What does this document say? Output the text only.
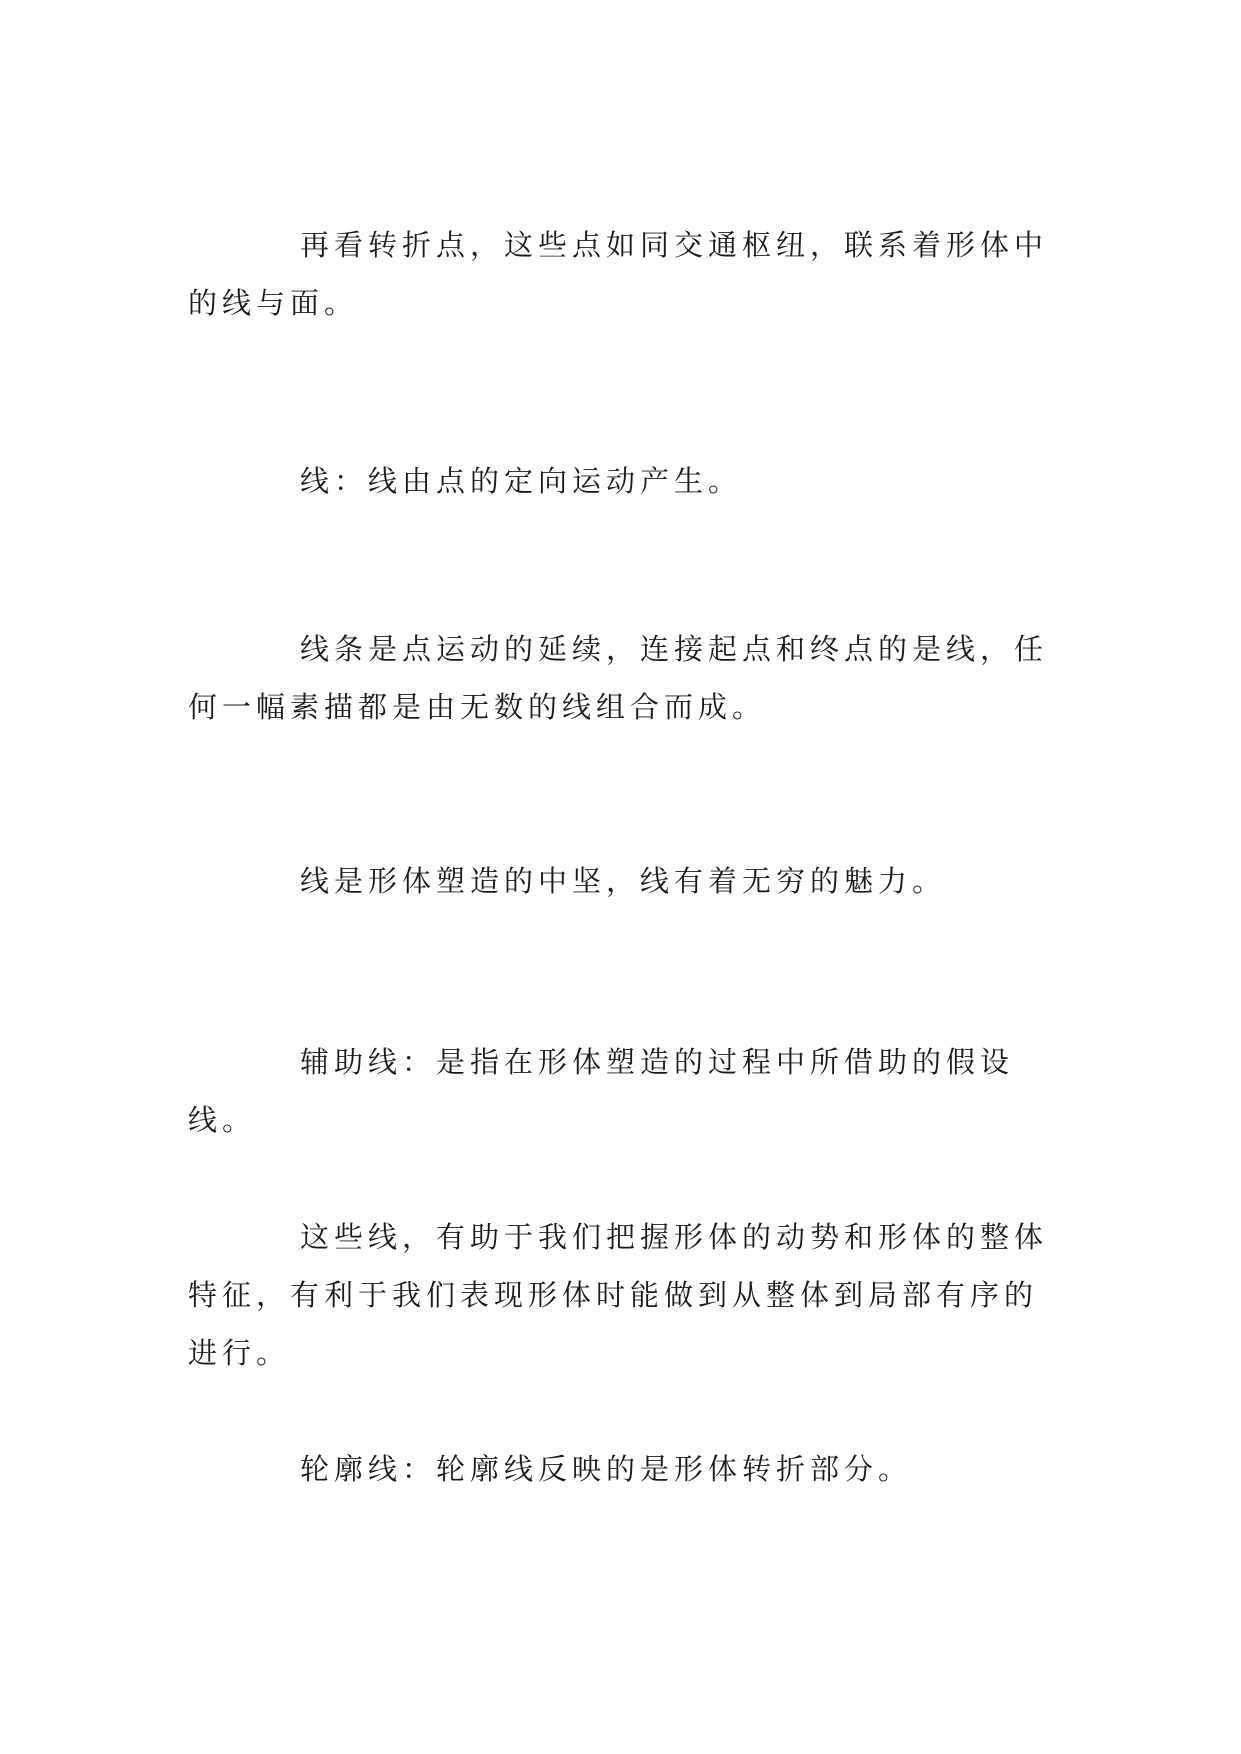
再看转折点，这些点如同交通枢纽，联系着形体中的线与面。

线：线由点的定向运动产生。

线条是点运动的延续，连接起点和终点的是线，任何一幅素描都是由无数的线组合而成。

线是形体塑造的中坚，线有着无穷的魅力。

辅助线：是指在形体塑造的过程中所借助的假设线。

这些线，有助于我们把握形体的动势和形体的整体特征，有利于我们表现形体时能做到从整体到局部有序的进行。

轮廓线：轮廓线反映的是形体转折部分。
